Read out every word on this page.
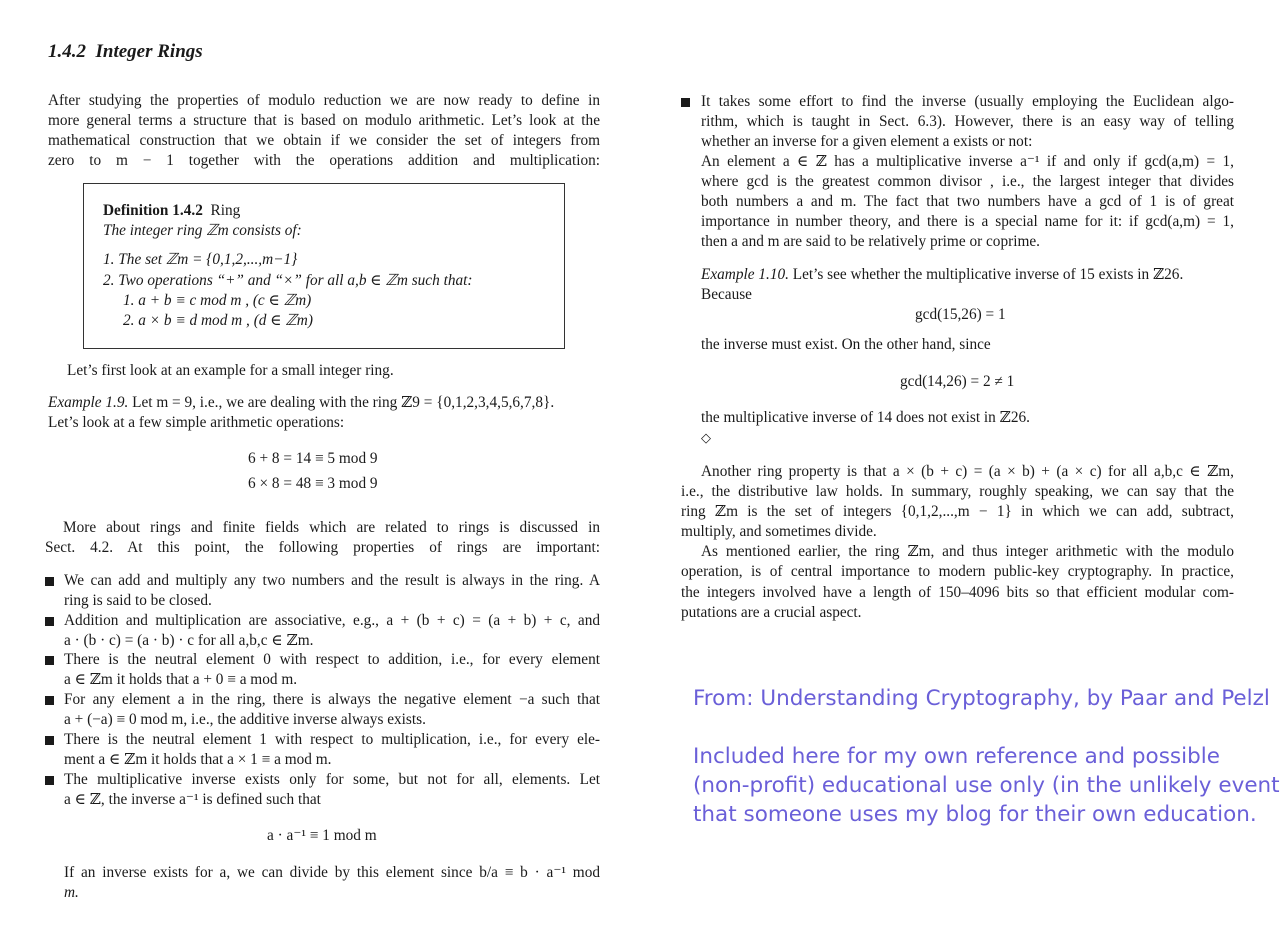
1.4.2 Integer Rings
After studying the properties of modulo reduction we are now ready to define in
more general terms a structure that is based on modulo arithmetic. Let’s look at the
mathematical construction that we obtain if we consider the set of integers from
zero to m − 1 together with the operations addition and multiplication:
Definition 1.4.2 Ring
The integer ring ℤm consists of:
1. The set ℤm = {0,1,2,...,m−1}
2. Two operations “+” and “×” for all a,b ∈ ℤm such that:
1. a + b ≡ c mod m , (c ∈ ℤm)
2. a × b ≡ d mod m , (d ∈ ℤm)
Let’s first look at an example for a small integer ring.
Example 1.9. Let m = 9, i.e., we are dealing with the ring ℤ9 = {0,1,2,3,4,5,6,7,8}.
Let’s look at a few simple arithmetic operations:
6 + 8 = 14 ≡ 5 mod 9
6 × 8 = 48 ≡ 3 mod 9
More about rings and finite fields which are related to rings is discussed in
Sect. 4.2. At this point, the following properties of rings are important:
We can add and multiply any two numbers and the result is always in the ring. A
ring is said to be closed.
Addition and multiplication are associative, e.g., a + (b + c) = (a + b) + c, and
a · (b · c) = (a · b) · c for all a,b,c ∈ ℤm.
There is the neutral element 0 with respect to addition, i.e., for every element
a ∈ ℤm it holds that a + 0 ≡ a mod m.
For any element a in the ring, there is always the negative element −a such that
a + (−a) ≡ 0 mod m, i.e., the additive inverse always exists.
There is the neutral element 1 with respect to multiplication, i.e., for every ele-
ment a ∈ ℤm it holds that a × 1 ≡ a mod m.
The multiplicative inverse exists only for some, but not for all, elements. Let
a ∈ ℤ, the inverse a⁻¹ is defined such that
a · a⁻¹ ≡ 1 mod m
If an inverse exists for a, we can divide by this element since b/a ≡ b · a⁻¹ mod
m.
It takes some effort to find the inverse (usually employing the Euclidean algo-
rithm, which is taught in Sect. 6.3). However, there is an easy way of telling
whether an inverse for a given element a exists or not:
An element a ∈ ℤ has a multiplicative inverse a⁻¹ if and only if gcd(a,m) = 1,
where gcd is the greatest common divisor , i.e., the largest integer that divides
both numbers a and m. The fact that two numbers have a gcd of 1 is of great
importance in number theory, and there is a special name for it: if gcd(a,m) = 1,
then a and m are said to be relatively prime or coprime.
Example 1.10. Let’s see whether the multiplicative inverse of 15 exists in ℤ26.
Because
gcd(15,26) = 1
the inverse must exist. On the other hand, since
gcd(14,26) = 2 ≠ 1
the multiplicative inverse of 14 does not exist in ℤ26.
◇
Another ring property is that a × (b + c) = (a × b) + (a × c) for all a,b,c ∈ ℤm,
i.e., the distributive law holds. In summary, roughly speaking, we can say that the
ring ℤm is the set of integers {0,1,2,...,m − 1} in which we can add, subtract,
multiply, and sometimes divide.
As mentioned earlier, the ring ℤm, and thus integer arithmetic with the modulo
operation, is of central importance to modern public-key cryptography. In practice,
the integers involved have a length of 150–4096 bits so that efficient modular com-
putations are a crucial aspect.
From: Understanding Cryptography, by Paar and Pelzl
Included here for my own reference and possible
(non-profit) educational use only (in the unlikely event
that someone uses my blog for their own education.
